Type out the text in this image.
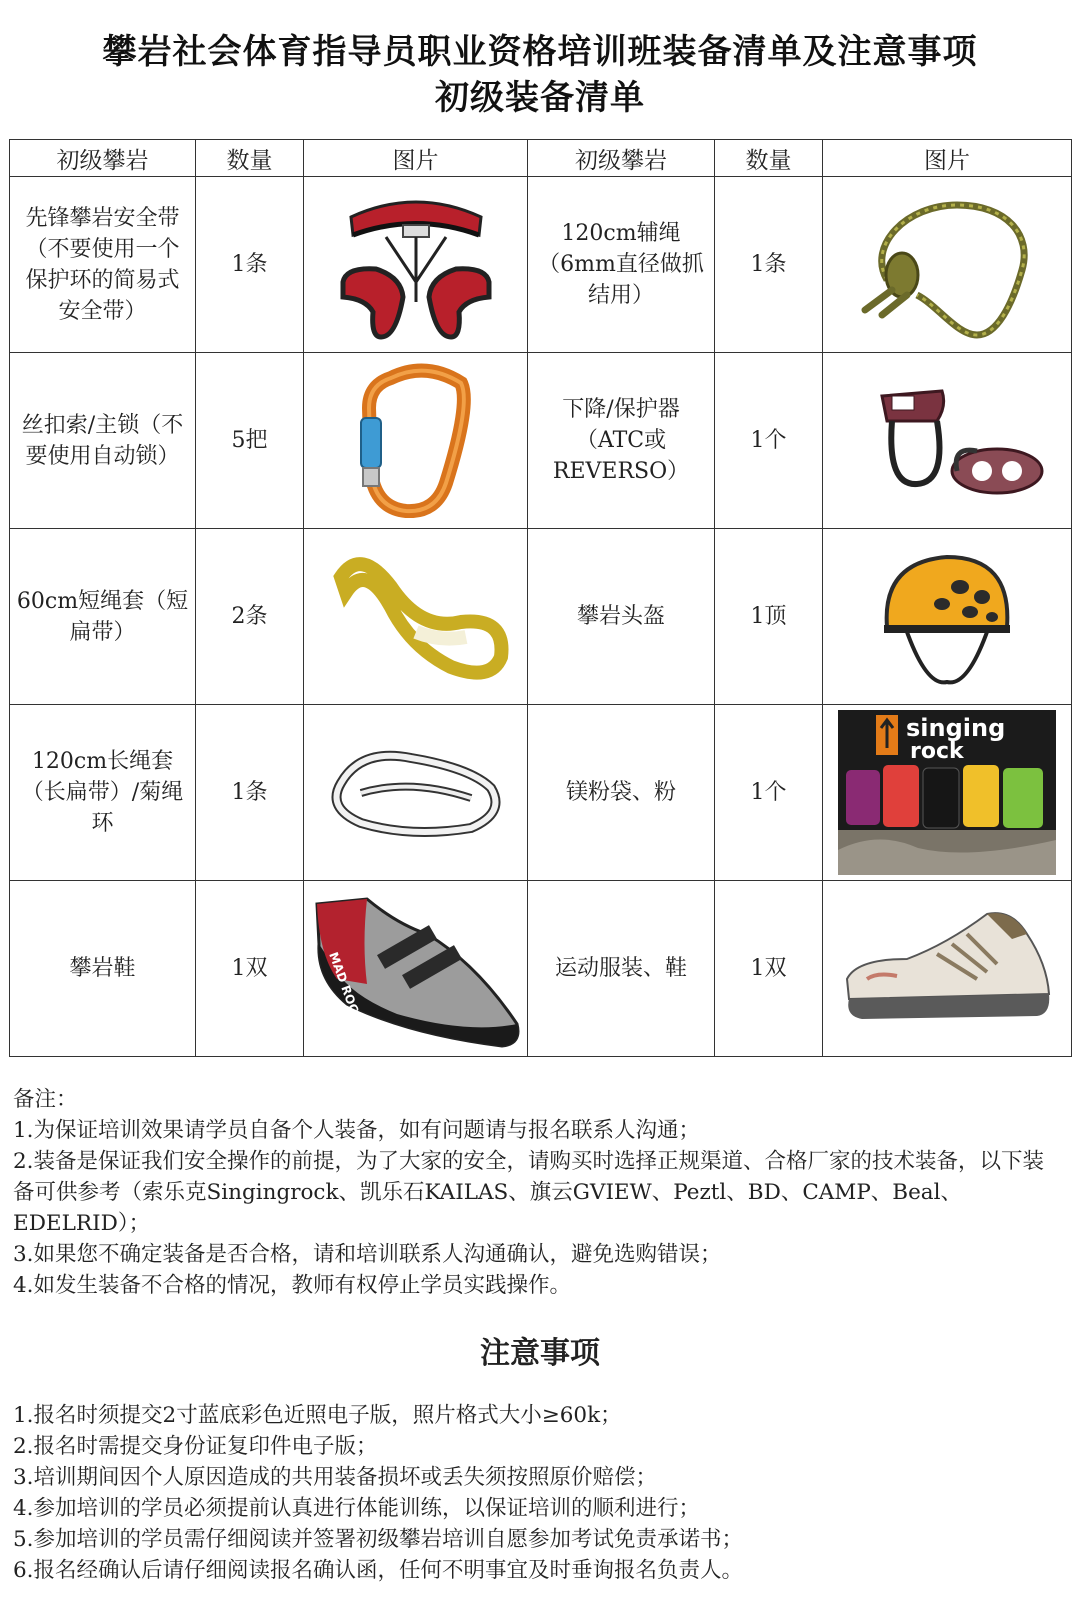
攀岩社会体育指导员职业资格培训班装备清单及注意事项
初级装备清单
初级攀岩	数量	图片	初级攀岩	数量	图片
先锋攀岩安全带（不要使用一个保护环的简易式安全带）	1条		120cm辅绳（6mm直径做抓结用）	1条	

丝扣索/主锁（不要使用自动锁）	5把		下降/保护器（ATC或REVERSO）	1个	

60cm短绳套（短扁带）	2条		攀岩头盔	1顶	

120cm长绳套（长扁带）/菊绳环	1条		镁粉袋、粉	1个	singing
rock

攀岩鞋	1双	MAD ROCK	运动服装、鞋	1双	

备注：

1.为保证培训效果请学员自备个人装备，如有问题请与报名联系人沟通；

2.装备是保证我们安全操作的前提，为了大家的安全，请购买时选择正规渠道、合格厂家的技术装备，以下装备可供参考（索乐克Singingrock、凯乐石KAILAS、旗云GVIEW、Peztl、BD、CAMP、Beal、EDELRID）；

3.如果您不确定装备是否合格，请和培训联系人沟通确认，避免选购错误；

4.如发生装备不合格的情况，教师有权停止学员实践操作。

注意事项

1.报名时须提交2寸蓝底彩色近照电子版，照片格式大小≥60k；

2.报名时需提交身份证复印件电子版；

3.培训期间因个人原因造成的共用装备损坏或丢失须按照原价赔偿；

4.参加培训的学员必须提前认真进行体能训练，以保证培训的顺利进行；

5.参加培训的学员需仔细阅读并签署初级攀岩培训自愿参加考试免责承诺书；

6.报名经确认后请仔细阅读报名确认函，任何不明事宜及时垂询报名负责人。
